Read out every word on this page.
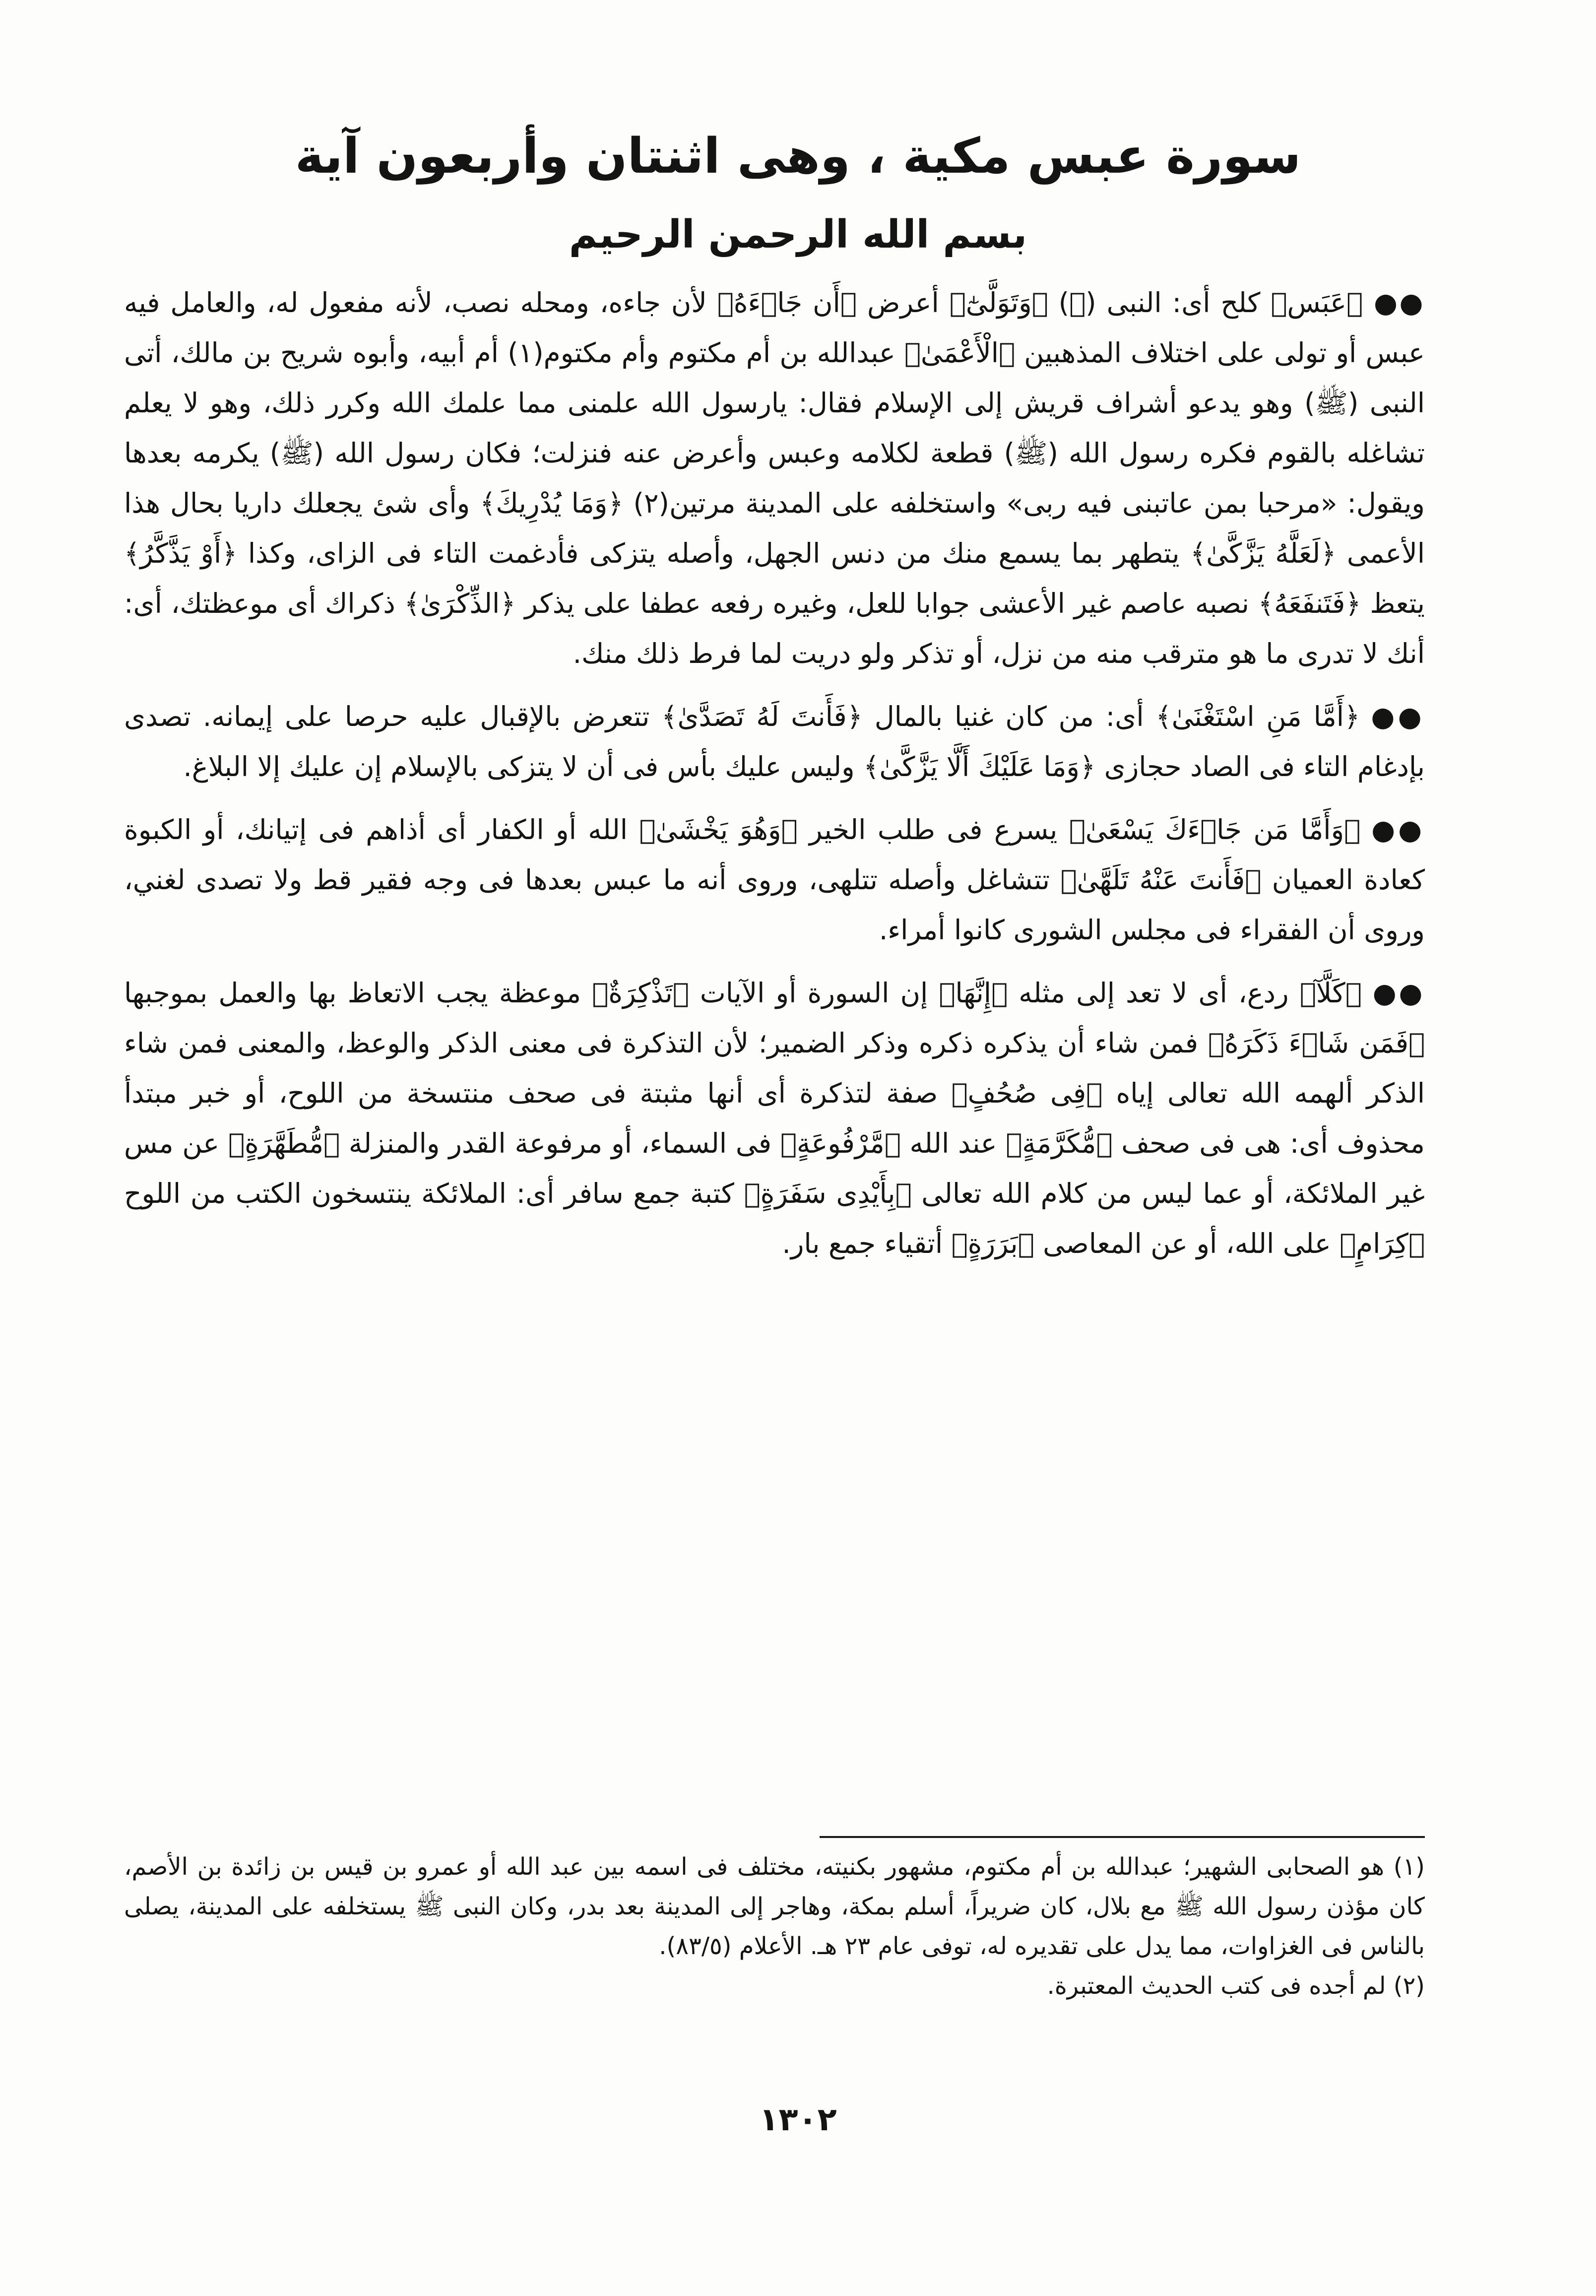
سورة عبس مكية ، وهى اثنتان وأربعون آية
بسم الله الرحمن الرحيم

●●﴿عَبَس﴾ كلح أى: النبى (ﷺ) ﴿وَتَوَلَّىٰٓ﴾ أعرض ﴿أَن جَاۤءَهُ﴾ لأن جاءه، ومحله نصب، لأنه مفعول له، والعامل فيه عبس أو تولى على اختلاف المذهبين ﴿الْأَعْمَىٰ﴾ عبدالله بن أم مكتوم وأم مكتوم(١) أم أبيه، وأبوه شريح بن مالك، أتى النبى (ﷺ) وهو يدعو أشراف قريش إلى الإسلام فقال: يارسول الله علمنى مما علمك الله وكرر ذلك، وهو لا يعلم تشاغله بالقوم فكره رسول الله (ﷺ) قطعة لكلامه وعبس وأعرض عنه فنزلت؛ فكان رسول الله (ﷺ) يكرمه بعدها ويقول: «مرحبا بمن عاتبنى فيه ربى» واستخلفه على المدينة مرتين(٢) ﴿وَمَا يُدْرِيكَ﴾ وأى شئ يجعلك داريا بحال هذا الأعمى ﴿لَعَلَّهُ يَزَّكَّىٰ﴾ يتطهر بما يسمع منك من دنس الجهل، وأصله يتزكى فأدغمت التاء فى الزاى، وكذا ﴿أَوْ يَذَّكَّرُ﴾ يتعظ ﴿فَتَنفَعَهُ﴾ نصبه عاصم غير الأعشى جوابا للعل، وغيره رفعه عطفا على يذكر ﴿الذِّكْرَىٰ﴾ ذكراك أى موعظتك، أى: أنك لا تدرى ما هو مترقب منه من نزل، أو تذكر ولو دريت لما فرط ذلك منك.

●●﴿أَمَّا مَنِ اسْتَغْنَىٰ﴾ أى: من كان غنيا بالمال ﴿فَأَنتَ لَهُ تَصَدَّىٰ﴾ تتعرض بالإقبال عليه حرصا على إيمانه. تصدى بإدغام التاء فى الصاد حجازى ﴿وَمَا عَلَيْكَ أَلَّا يَزَّكَّىٰ﴾ وليس عليك بأس فى أن لا يتزكى بالإسلام إن عليك إلا البلاغ.

●●﴿وَأَمَّا مَن جَاۤءَكَ يَسْعَىٰ﴾ يسرع فى طلب الخير ﴿وَهُوَ يَخْشَىٰ﴾ الله أو الكفار أى أذاهم فى إتيانك، أو الكبوة كعادة العميان ﴿فَأَنتَ عَنْهُ تَلَهَّىٰ﴾ تتشاغل وأصله تتلهى، وروى أنه ما عبس بعدها فى وجه فقير قط ولا تصدى لغني، وروى أن الفقراء فى مجلس الشورى كانوا أمراء.

●●﴿كَلَّآ﴾ ردع، أى لا تعد إلى مثله ﴿إِنَّهَا﴾ إن السورة أو الآيات ﴿تَذْكِرَةٌ﴾ موعظة يجب الاتعاظ بها والعمل بموجبها ﴿فَمَن شَاۤءَ ذَكَرَهُ﴾ فمن شاء أن يذكره ذكره وذكر الضمير؛ لأن التذكرة فى معنى الذكر والوعظ، والمعنى فمن شاء الذكر ألهمه الله تعالى إياه ﴿فِى صُحُفٍ﴾ صفة لتذكرة أى أنها مثبتة فى صحف منتسخة من اللوح، أو خبر مبتدأ محذوف أى: هى فى صحف ﴿مُّكَرَّمَةٍ﴾ عند الله ﴿مَّرْفُوعَةٍ﴾ فى السماء، أو مرفوعة القدر والمنزلة ﴿مُّطَهَّرَةٍ﴾ عن مس غير الملائكة، أو عما ليس من كلام الله تعالى ﴿بِأَيْدِى سَفَرَةٍ﴾ كتبة جمع سافر أى: الملائكة ينتسخون الكتب من اللوح ﴿كِرَامٍ﴾ على الله، أو عن المعاصى ﴿بَرَرَةٍ﴾ أتقياء جمع بار.

(١) هو الصحابى الشهير؛ عبدالله بن أم مكتوم، مشهور بكنيته، مختلف فى اسمه بين عبد الله أو عمرو بن قيس بن زائدة بن الأصم، كان مؤذن رسول الله ﷺ مع بلال، كان ضريراً، أسلم بمكة، وهاجر إلى المدينة بعد بدر، وكان النبى ﷺ يستخلفه على المدينة، يصلى بالناس فى الغزاوات، مما يدل على تقديره له، توفى عام ٢٣ هـ. الأعلام (٨٣/٥).

(٢) لم أجده فى كتب الحديث المعتبرة.

١٣٠٢
